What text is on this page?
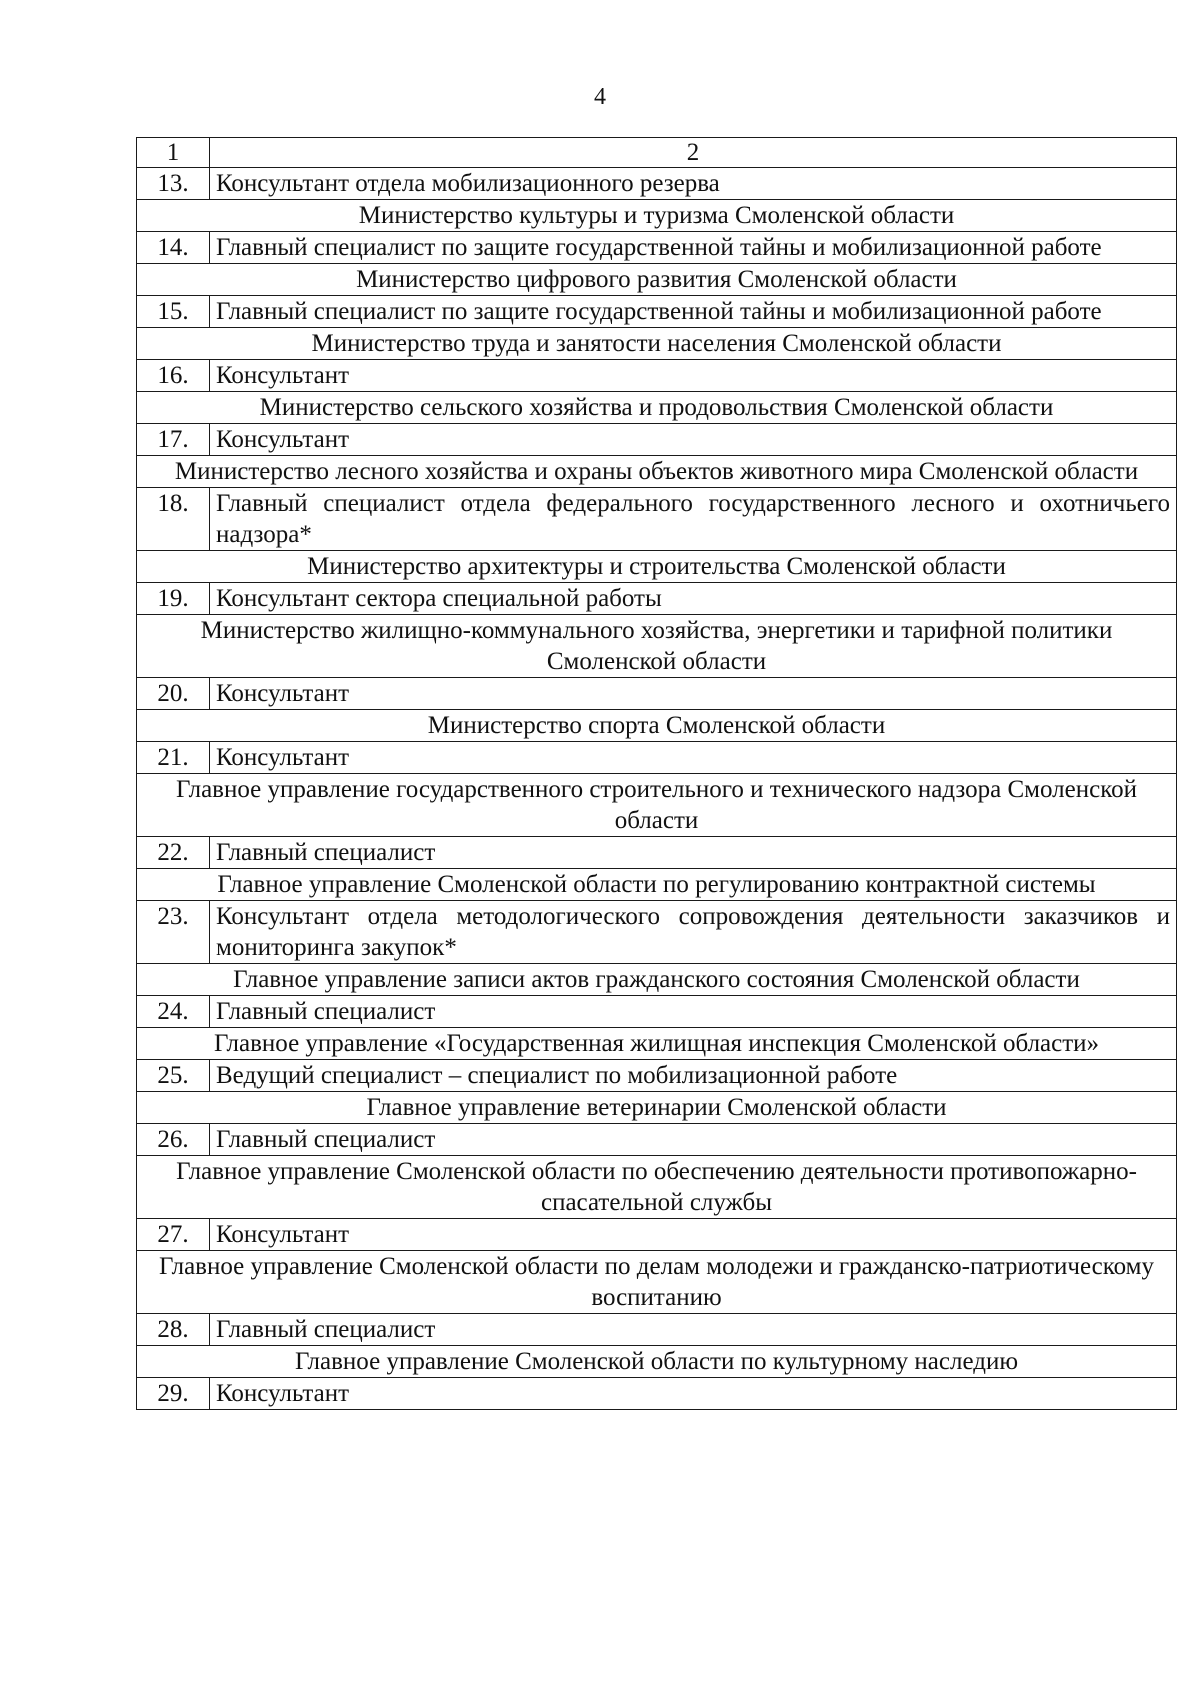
4
1	2
13.	Консультант отдела мобилизационного резерва
Министерство культуры и туризма Смоленской области	
14.	Главный специалист по защите государственной тайны и мобилизационной работе
Министерство цифрового развития Смоленской области	
15.	Главный специалист по защите государственной тайны и мобилизационной работе
Министерство труда и занятости населения Смоленской области	
16.	Консультант
Министерство сельского хозяйства и продовольствия Смоленской области	
17.	Консультант
Министерство лесного хозяйства и охраны объектов животного мира Смоленской области	
18.	Главный специалист отдела федерального государственного лесного и охотничьего надзора*
Министерство архитектуры и строительства Смоленской области	
19.	Консультант сектора специальной работы
Министерство жилищно-коммунального хозяйства, энергетики и тарифной политики Смоленской области	
20.	Консультант
Министерство спорта Смоленской области	
21.	Консультант
Главное управление государственного строительного и технического надзора Смоленской области	
22.	Главный специалист
Главное управление Смоленской области по регулированию контрактной системы	
23.	Консультант отдела методологического сопровождения деятельности заказчиков и мониторинга закупок*
Главное управление записи актов гражданского состояния Смоленской области	
24.	Главный специалист
Главное управление «Государственная жилищная инспекция Смоленской области»	
25.	Ведущий специалист – специалист по мобилизационной работе
Главное управление ветеринарии Смоленской области	
26.	Главный специалист
Главное управление Смоленской области по обеспечению деятельности противопожарно-спасательной службы	
27.	Консультант
Главное управление Смоленской области по делам молодежи и гражданско-патриотическому воспитанию	
28.	Главный специалист
Главное управление Смоленской области по культурному наследию	
29.	Консультант
